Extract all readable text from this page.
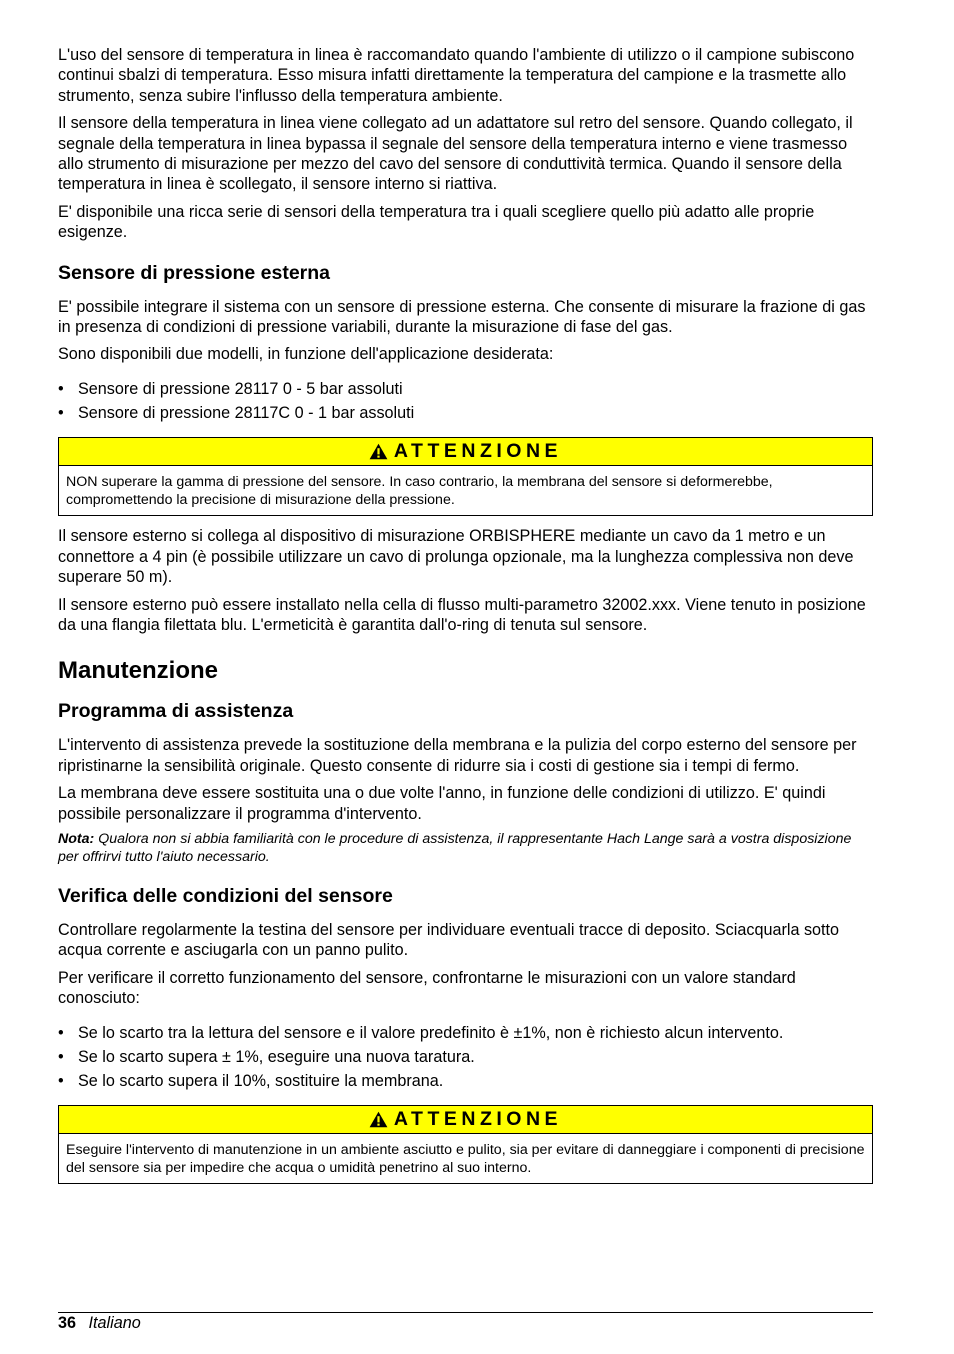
L'uso del sensore di temperatura in linea è raccomandato quando l'ambiente di utilizzo o il campione subiscono continui sbalzi di temperatura. Esso misura infatti direttamente la temperatura del campione e la trasmette allo strumento, senza subire l'influsso della temperatura ambiente.

Il sensore della temperatura in linea viene collegato ad un adattatore sul retro del sensore. Quando collegato, il segnale della temperatura in linea bypassa il segnale del sensore della temperatura interno e viene trasmesso allo strumento di misurazione per mezzo del cavo del sensore di conduttività termica. Quando il sensore della temperatura in linea è scollegato, il sensore interno si riattiva.

E' disponibile una ricca serie di sensori della temperatura tra i quali scegliere quello più adatto alle proprie esigenze.

Sensore di pressione esterna

E' possibile integrare il sistema con un sensore di pressione esterna. Che consente di misurare la frazione di gas in presenza di condizioni di pressione variabili, durante la misurazione di fase del gas.

Sono disponibili due modelli, in funzione dell'applicazione desiderata:

• Sensore di pressione 28117 0 - 5 bar assoluti
• Sensore di pressione 28117C 0 - 1 bar assoluti
ATTENZIONE
NON superare la gamma di pressione del sensore. In caso contrario, la membrana del sensore si deformerebbe, compromettendo la precisione di misurazione della pressione.

Il sensore esterno si collega al dispositivo di misurazione ORBISPHERE mediante un cavo da 1 metro e un connettore a 4 pin (è possibile utilizzare un cavo di prolunga opzionale, ma la lunghezza complessiva non deve superare 50 m).

Il sensore esterno può essere installato nella cella di flusso multi-parametro 32002.xxx. Viene tenuto in posizione da una flangia filettata blu. L'ermeticità è garantita dall'o-ring di tenuta sul sensore.

Manutenzione
Programma di assistenza

L'intervento di assistenza prevede la sostituzione della membrana e la pulizia del corpo esterno del sensore per ripristinarne la sensibilità originale. Questo consente di ridurre sia i costi di gestione sia i tempi di fermo.

La membrana deve essere sostituita una o due volte l'anno, in funzione delle condizioni di utilizzo. E' quindi possibile personalizzare il programma d'intervento.

Nota: Qualora non si abbia familiarità con le procedure di assistenza, il rappresentante Hach Lange sarà a vostra disposizione per offrirvi tutto l'aiuto necessario.
Verifica delle condizioni del sensore

Controllare regolarmente la testina del sensore per individuare eventuali tracce di deposito. Sciacquarla sotto acqua corrente e asciugarla con un panno pulito.

Per verificare il corretto funzionamento del sensore, confrontarne le misurazioni con un valore standard conosciuto:

• Se lo scarto tra la lettura del sensore e il valore predefinito è ±1%, non è richiesto alcun intervento.
• Se lo scarto supera ± 1%, eseguire una nuova taratura.
• Se lo scarto supera il 10%, sostituire la membrana.
ATTENZIONE
Eseguire l'intervento di manutenzione in un ambiente asciutto e pulito, sia per evitare di danneggiare i componenti di precisione del sensore sia per impedire che acqua o umidità penetrino al suo interno.
36 Italiano
